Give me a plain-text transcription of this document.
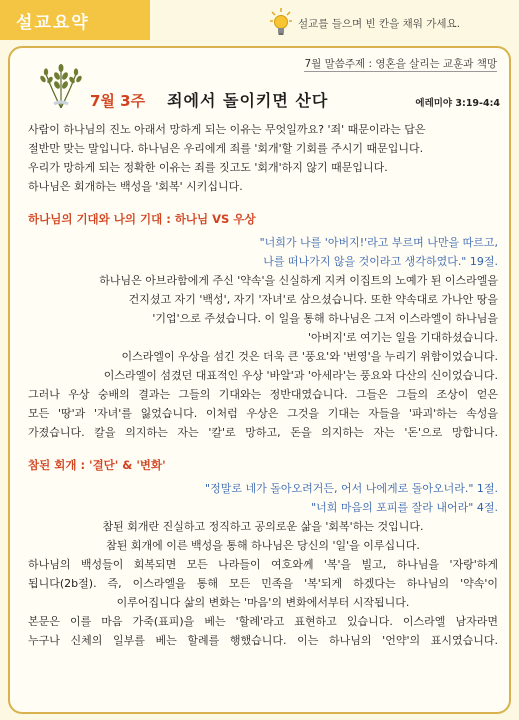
설교요약	설교를 들으며 빈 칸을 채워 가세요.
7월 말씀주제 : 영혼을 살리는 교훈과 책망
7월 3주 죄에서 돌이키면 산다	에레미야 3:19-4:4

사람이 하나님의 진노 아래서 망하게 되는 이유는 무엇일까요? '죄' 때문이라는 답은

절반만 맞는 말입니다. 하나님은 우리에게 죄를 '회개'할 기회를 주시기 때문입니다.

우리가 망하게 되는 정확한 이유는 죄를 짓고도 '회개'하지 않기 때문입니다.

하나님은 회개하는 백성을 '회복' 시키십니다.

하나님의 기대와 나의 기대 : 하나님 VS 우상

"너희가 나를 '아버지!'라고 부르며 나만을 따르고,

나를 떠나가지 않을 것이라고 생각하였다." 19절.

하나님은 아브라함에게 주신 '약속'을 신실하게 지켜 이집트의 노예가 된 이스라엘을

건지셨고 자기 '백성', 자기 '자녀'로 삼으셨습니다. 또한 약속대로 가나안 땅을

'기업'으로 주셨습니다. 이 일을 통해 하나님은 그저 이스라엘이 하나님을

'아버지'로 여기는 일을 기대하셨습니다.

이스라엘이 우상을 섬긴 것은 더욱 큰 '풍요'와 '번영'을 누리기 위함이었습니다.

이스라엘이 섬겼던 대표적인 우상 '바알'과 '아세라'는 풍요와 다산의 신이었습니다.

그러나 우상 숭배의 결과는 그들의 기대와는 정반대였습니다. 그들은 그들의 조상이 얻은

모든 '땅'과 '자녀'를 잃었습니다. 이처럼 우상은 그것을 기대는 자들을 '파괴'하는 속성을

가졌습니다. 칼을 의지하는 자는 '칼'로 망하고, 돈을 의지하는 자는 '돈'으로 망합니다.

참된 회개 : '결단' & '변화'

"정말로 네가 돌아오려거든, 어서 나에게로 돌아오너라." 1절.

"너희 마음의 포피를 잘라 내어라" 4절.

참된 회개란 진실하고 정직하고 공의로운 삶을 '회복'하는 것입니다.

참된 회개에 이른 백성을 통해 하나님은 당신의 '일'을 이루십니다.

하나님의 백성들이 회복되면 모든 나라들이 여호와께 '복'을 빌고, 하나님을 '자랑'하게

됩니다(2b절). 즉, 이스라엘을 통해 모든 민족을 '복'되게 하겠다는 하나님의 '약속'이

이루어집니다 삶의 변화는 '마음'의 변화에서부터 시작됩니다.

본문은 이를 마음 가죽(표피)을 베는 '할례'라고 표현하고 있습니다. 이스라엘 남자라면

누구나 신체의 일부를 베는 할례를 행했습니다. 이는 하나님의 '언약'의 표시였습니다.
